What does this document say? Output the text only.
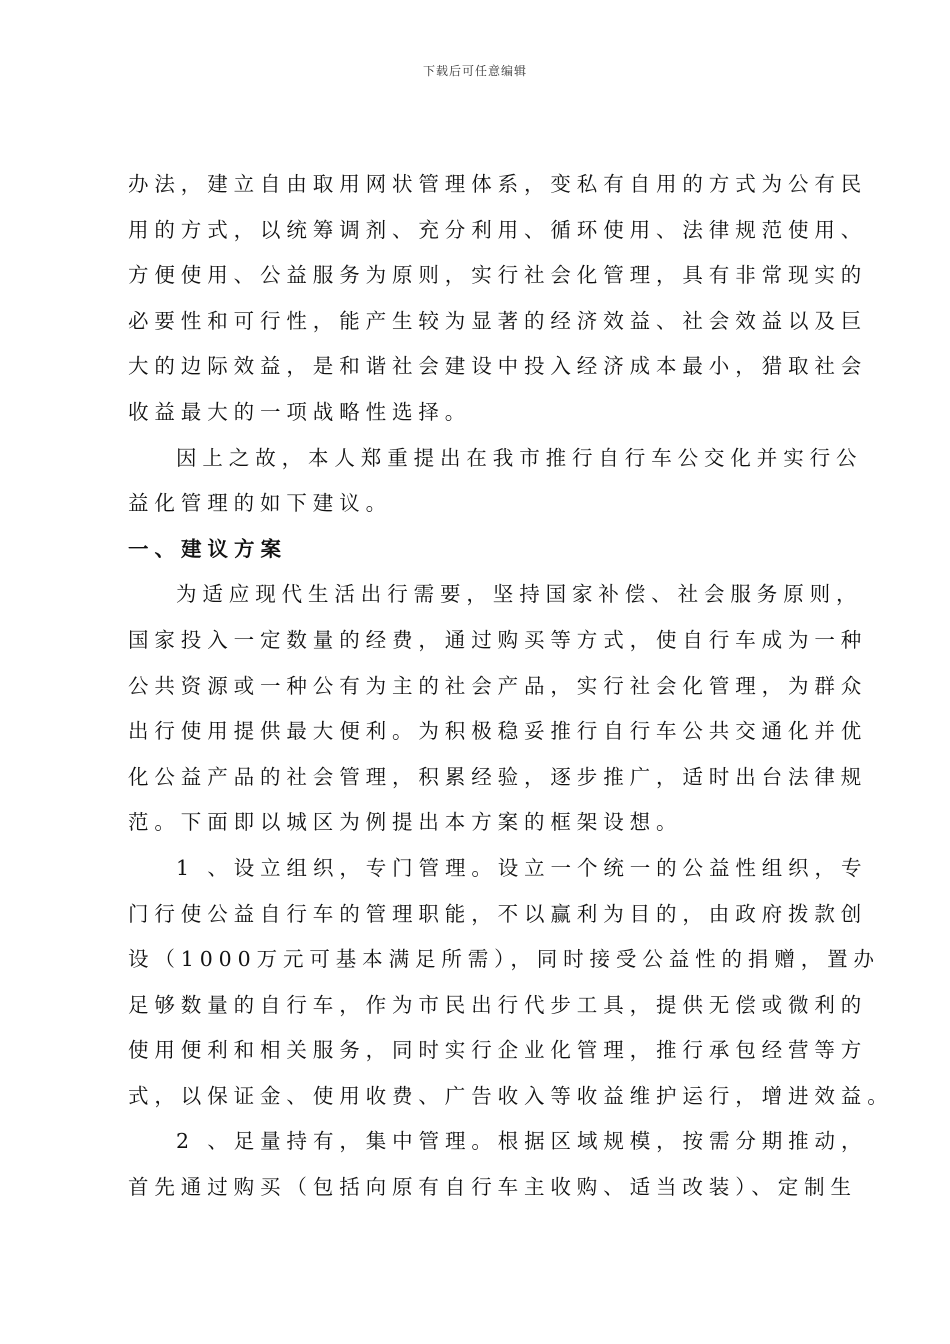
下载后可任意编辑
办法，建立自由取用网状管理体系，变私有自用的方式为公有民
用的方式，以统筹调剂、充分利用、循环使用、法律规范使用、
方便使用、公益服务为原则，实行社会化管理，具有非常现实的
必要性和可行性，能产生较为显著的经济效益、社会效益以及巨
大的边际效益，是和谐社会建设中投入经济成本最小，猎取社会
收益最大的一项战略性选择。
因上之故，本人郑重提出在我市推行自行车公交化并实行公
益化管理的如下建议。
一、建议方案
为适应现代生活出行需要，坚持国家补偿、社会服务原则，
国家投入一定数量的经费，通过购买等方式，使自行车成为一种
公共资源或一种公有为主的社会产品，实行社会化管理，为群众
出行使用提供最大便利。为积极稳妥推行自行车公共交通化并优
化公益产品的社会管理，积累经验，逐步推广，适时出台法律规
范。下面即以城区为例提出本方案的框架设想。
1 、设立组织，专门管理。设立一个统一的公益性组织，专
门行使公益自行车的管理职能，不以赢利为目的，由政府拨款创
设（1000万元可基本满足所需），同时接受公益性的捐赠，置办
足够数量的自行车，作为市民出行代步工具，提供无偿或微利的
使用便利和相关服务，同时实行企业化管理，推行承包经营等方
式，以保证金、使用收费、广告收入等收益维护运行，增进效益。
2 、足量持有，集中管理。根据区域规模，按需分期推动，
首先通过购买（包括向原有自行车主收购、适当改装）、定制生
